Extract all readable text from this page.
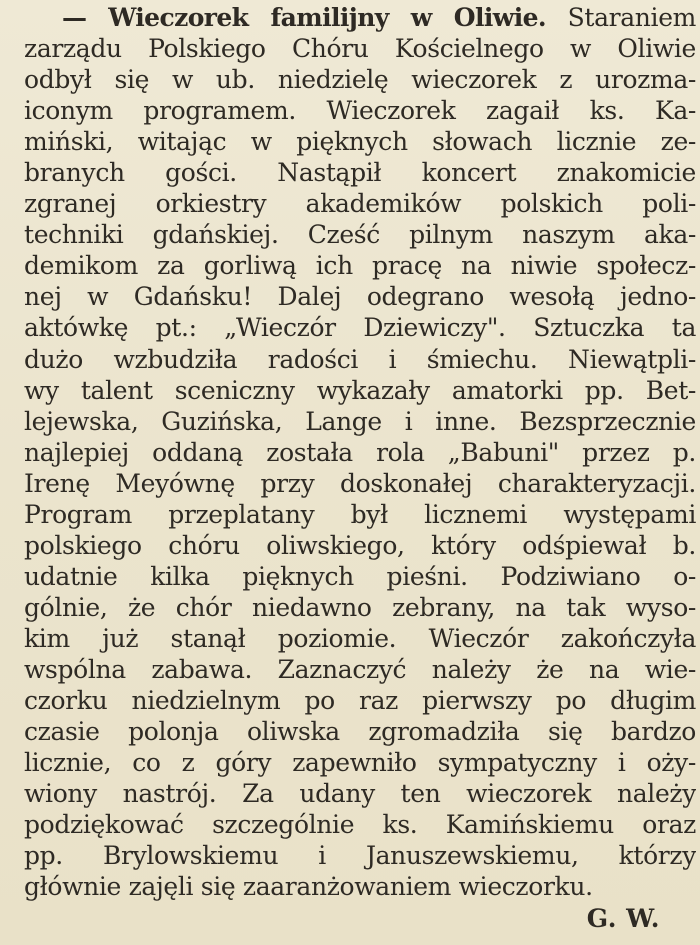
— Wieczorek familijny w Oliwie. Staraniem
zarządu Polskiego Chóru Kościelnego w Oliwie
odbył się w ub. niedzielę wieczorek z urozma-
iconym programem. Wieczorek zagaił ks. Ka-
miński, witając w pięknych słowach licznie ze-
branych gości. Nastąpił koncert znakomicie
zgranej orkiestry akademików polskich poli-
techniki gdańskiej. Cześć pilnym naszym aka-
demikom za gorliwą ich pracę na niwie społecz-
nej w Gdańsku! Dalej odegrano wesołą jedno-
aktówkę pt.: „Wieczór Dziewiczy". Sztuczka ta
dużo wzbudziła radości i śmiechu. Niewątpli-
wy talent sceniczny wykazały amatorki pp. Bet-
lejewska, Guzińska, Lange i inne. Bezsprzecznie
najlepiej oddaną została rola „Babuni" przez p.
Irenę Meyównę przy doskonałej charakteryzacji.
Program przeplatany był licznemi występami
polskiego chóru oliwskiego, który odśpiewał b.
udatnie kilka pięknych pieśni. Podziwiano o-
gólnie, że chór niedawno zebrany, na tak wyso-
kim już stanął poziomie. Wieczór zakończyła
wspólna zabawa. Zaznaczyć należy że na wie-
czorku niedzielnym po raz pierwszy po długim
czasie polonja oliwska zgromadziła się bardzo
licznie, co z góry zapewniło sympatyczny i oży-
wiony nastrój. Za udany ten wieczorek należy
podziękować szczególnie ks. Kamińskiemu oraz
pp. Brylowskiemu i Januszewskiemu, którzy
głównie zajęli się zaaranżowaniem wieczorku.
G. W.
